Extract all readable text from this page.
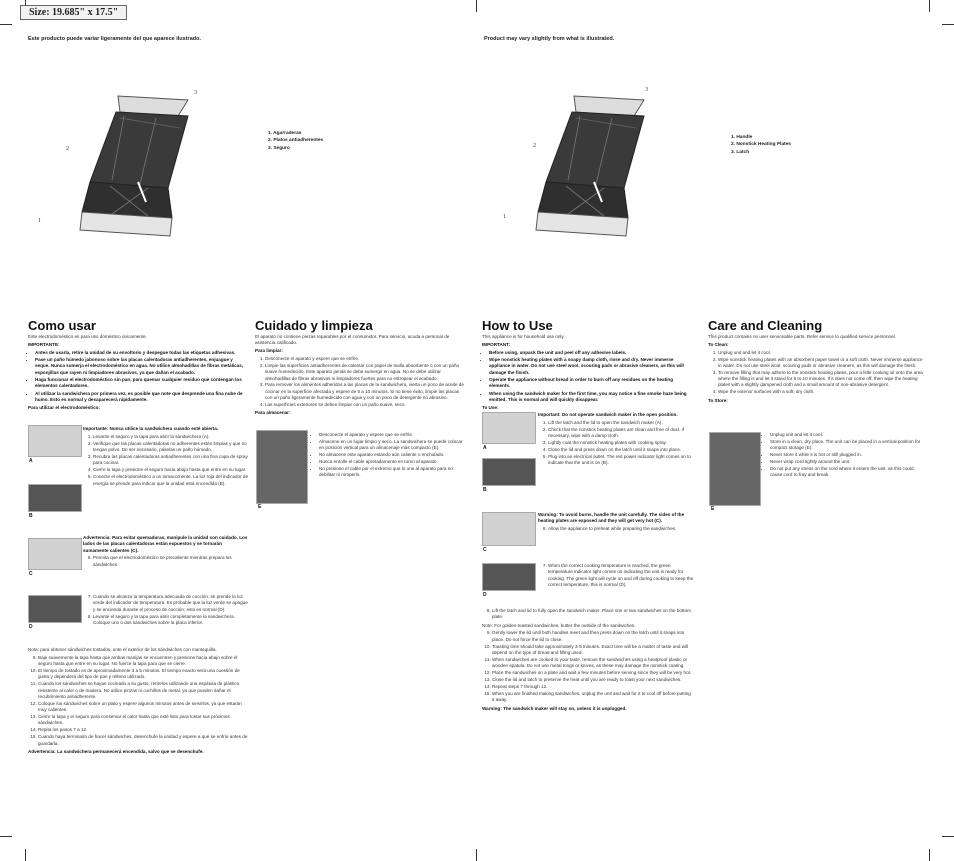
Size: 19.685" x 17.5"
Este producto puede variar ligeramente del que aparece ilustrado.	Product may vary slightly from what is illustrated.
3
2
1
1. Agarraderas
2. Platos antiadherentes
3. Seguro
3
2
1
1. Handle
2. Nonstick Heating Plates
3. Latch
Como usar

Este electrodoméstico es para uso doméstico únicamente.

IMPORTANTE:

• Antes de usarla, retire la unidad de su envoltorio y despegue todas las etiquetas adhesivas.
• Pase un paño húmedo jabonoso sobre las placas calentadoras antiadherentes, enjuague y seque. Nunca sumerja el electrodoméstico en agua. No utilice almohadillas de fibras metálicas, esponjillas que rayen ni limpiadores abrasivos, ya que dañan el acabado.
• Haga funcionar el electrodoméstico sin pan, para quemar cualquier residuo que contengan los elementos calentadores.
• Al utilizar la sandwichera por primera vez, es posible que note que desprende una fina nube de humo. Esto es normal y desaparecerá rápidamente.

Para utilizar el electrodoméstico:

A
B
C
D

Importante: Nunca utilice la sandwichera cuando esté abierta.

1. Levante el seguro y la tapa para abrir la sandwichera (A).
2. Verifique que las placas calentadoras no adherentes estén limpias y que no tengan polvo. De ser necesario, páselas un paño húmedo.
3. Recubra las placas calentadoras antiadherentes con una fina capa de spray para cocinar.
4. Cierre la tapa y presione el seguro hacia abajo hasta que entre en su lugar.
5. Conecte el electrodoméstico a un tomacorriente. La luz roja del indicador de energía se prende para indicar que la unidad está encendida (B).

Advertencia: Para evitar quemaduras, manipule la unidad con cuidado. Los lados de las placas calentadoras están expuestos y se tornarán sumamente calientes (C).

6. Permita que el electrodoméstico se precaliente mientras prepara los sándwiches.
7. Cuando se alcanza la temperatura adecuada de cocción, se prende la luz verde del indicador de temperatura. Es probable que la luz verde se apague y se encienda durante el proceso de cocción; esto es normal (D).
8. Levante el seguro y la tapa para abrir completamente la sandwichera. Coloque uno o dos sándwiches sobre la placa inferior.

Nota: para obtener sándwiches tostados, unte el exterior de los sándwiches con mantequilla.

9. Baje suavemente la tapa hasta que ambas manijas se encuentren y presione hacia abajo sobre el seguro hasta que entre en su lugar. No fuerce la tapa para que se cierre.
10. El tiempo de tostado es de aproximadamente 3 a 5 minutos. El tiempo exacto será una cuestión de gusto y dependerá del tipo de pan y relleno utilizado.
11. Cuando los sándwiches se hayan cocinado a su gusto, retírelos utilizando una espátula de plástico resistente al calor o de madera. No utilice pinzas ni cuchillos de metal, ya que pueden dañar el recubrimiento antiadherente.
12. Coloque los sándwiches sobre un plato y espere algunos minutos antes de servirlos, ya que estarán muy calientes.
13. Cierre la tapa y el seguro para conservar el calor hasta que esté listo para tostar sus próximos sándwiches.
14. Repita los pasos 7 a 12.
15. Cuando haya terminado de hacer sándwiches, desenchufe la unidad y espere a que se enfríe antes de guardarla.

Advertencia: La sandwichera permanecerá encendida, salvo que se desenchufe.

Cuidado y limpieza

El aparato no contiene piezas reparables por el consumidor. Para servicio, acuda a personal de asistencia calificado.

Para limpiar:

1. Desconecte el aparato y espere que se enfríe.
2. Limpie las superficies antiadherentes de calentar con papel de toalla absorbente o con un paño suave humedecido. Este aparato jamás se debe sumergir en agua. No se debe utilizar almohadillas de fibras abrasivas ni limpiadores fuertes para no estropear el acabado.
3. Para remover los alimentos adheridos a las placas de la sandwichera, vierta un poco de aceite de cocinar en la superficie afectada y espere de 5 a 10 minutos. Si no tiene éxito, limpie las placas con un paño ligeramente humedecido con agua y con un poco de detergente no abrasivo.
4. Las superficies exteriores se deben limpiar con un paño suave, seco.

Para almacenar:

E
• Desconecte el aparato y espere que se enfríe.
• Almacene en un lugar limpio y seco. La sandwichera se puede colocar en posición vertical para un almacenaje más compacto (E).
• No almacene este aparato estando aún caliente o enchufado.
• Nunca enrolle el cable apretadamente en torno al aparato.
• No presione el cable por el extremo que lo une al aparato para no debilitar ni romperlo.
How to Use

This appliance is for household use only.

IMPORTANT:

• Before using, unpack the unit and peel off any adhesive labels.
• Wipe nonstick heating plates with a soapy damp cloth, rinse and dry. Never immerse appliance in water. Do not use steel wool, scouring pads or abrasive cleaners, as this will damage the finish.
• Operate the appliance without bread in order to burn off any residues on the heating elements.
• When using the sandwich maker for the first time, you may notice a fine smoke haze being emitted. This is normal and will quickly disappear.

To Use:

A
B
C
D

Important: Do not operate sandwich maker in the open position.

1. Lift the latch and the lid to open the sandwich maker (A).
2. Check that the nonstick heating plates are clean and free of dust. If necessary, wipe with a damp cloth.
3. Lightly coat the nonstick heating plates with cooking spray.
4. Close the lid and press down on the latch until it snaps into place.
5. Plug into an electrical outlet. The red power indicator light comes on to indicate that the unit is on (B).

Warning: To avoid burns, handle the unit carefully. The sides of the heating plates are exposed and they will get very hot (C).

6. Allow the appliance to preheat while preparing the sandwiches.
7. When the correct cooking temperature is reached, the green temperature indicator light comes on indicating the unit is ready for cooking. The green light will cycle on and off during cooking to keep the correct temperature, this is normal (D).
8. Lift the latch and lid to fully open the sandwich maker. Place one or two sandwiches on the bottom plate.

Note: For golden-toasted sandwiches, butter the outside of the sandwiches.

9. Gently lower the lid until both handles meet and then press down on the latch until it snaps into place. Do not force the lid to close.
10. Toasting time should take approximately 3-5 minutes. Exact time will be a matter of taste and will depend on the type of bread and filling used.
11. When sandwiches are cooked to your taste, remove the sandwiches using a heatproof plastic or wooden spatula. Do not use metal tongs or knives, as these may damage the nonstick coating.
12. Place the sandwiches on a plate and wait a few minutes before serving since they will be very hot.
13. Close the lid and latch to preserve the heat until you are ready to toast your next sandwiches.
14. Repeat steps 7 through 12.
15. When you are finished making sandwiches, unplug the unit and wait for it to cool off before putting it away.

Warning: The sandwich maker will stay on, unless it is unplugged.

Care and Cleaning

This product contains no user serviceable parts. Refer service to qualified service personnel.

To Clean:

1. Unplug unit and let it cool.
2. Wipe nonstick heating plates with an absorbent paper towel or a soft cloth. Never immerse appliance in water. Do not use steel wool, scouring pads or abrasive cleaners, as this will damage the finish.
3. To remove filling that may adhere to the nonstick heating plates, pour a little cooking oil onto the area where the filling is and let it stand for 5 to 10 minutes. If it does not come off, then wipe the heating plates with a slightly dampened cloth and a small amount of non-abrasive detergent.
4. Wipe the exterior surfaces with a soft, dry cloth.

To Store:

E
• Unplug unit and let it cool.
• Store in a clean, dry place. The unit can be placed in a vertical position for compact storage (E).
• Never store it while it is hot or still plugged in.
• Never wrap cord tightly around the unit.
• Do not put any stress on the cord where it enters the unit, as this could cause cord to fray and break.
